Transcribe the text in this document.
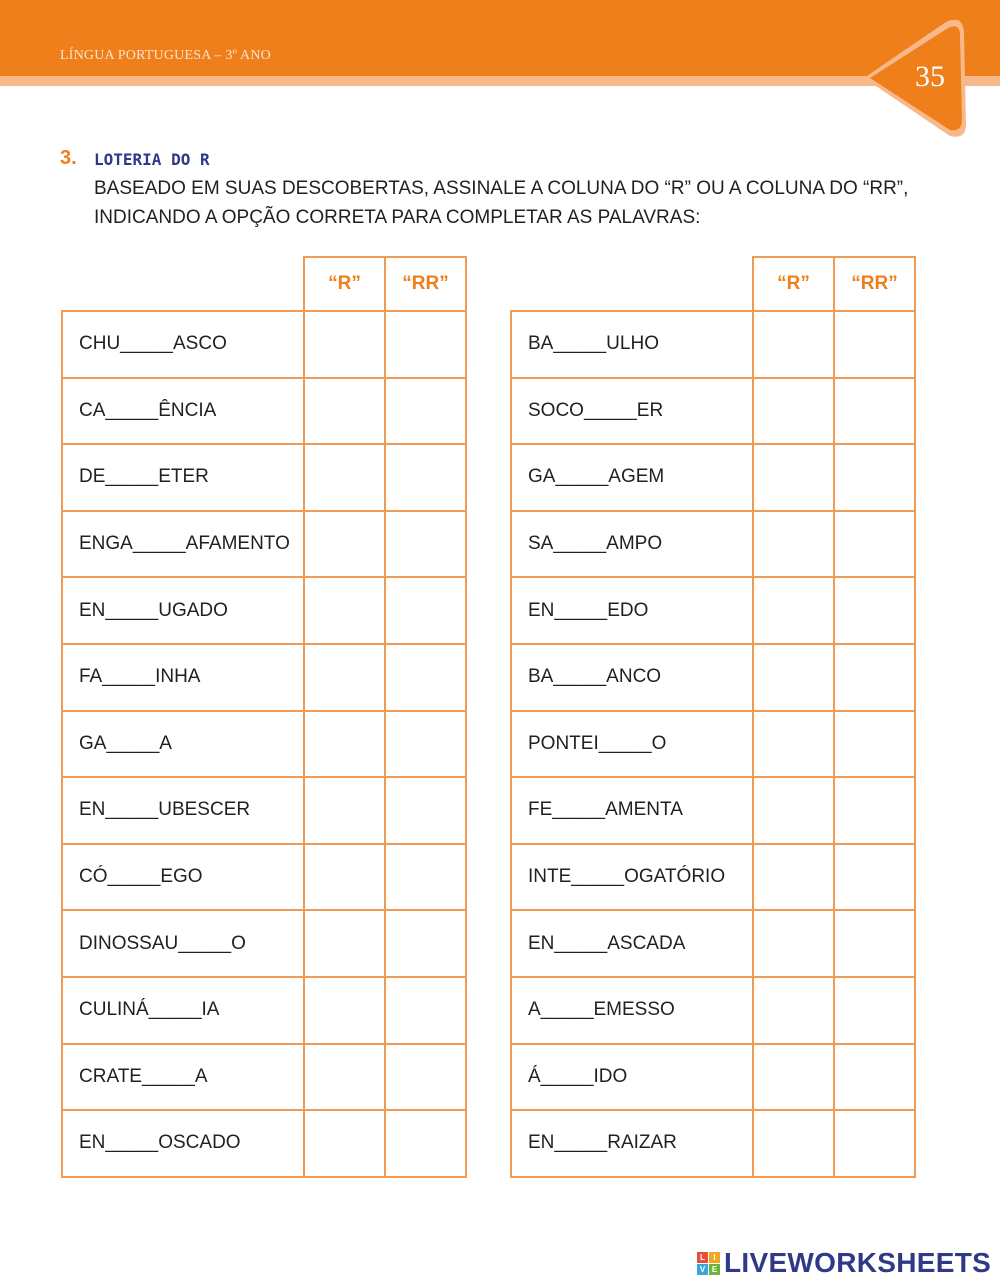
LÍNGUA PORTUGUESA – 3º ANO
35
3. LOTERIA DO R
BASEADO EM SUAS DESCOBERTAS, ASSINALE A COLUNA DO “R” OU A COLUNA DO “RR”, INDICANDO A OPÇÃO CORRETA PARA COMPLETAR AS PALAVRAS:
	“R”	“RR”
CHU_____ASCO		
CA_____ÊNCIA		
DE_____ETER		
ENGA_____AFAMENTO		
EN_____UGADO		
FA_____INHA		
GA_____A		
EN_____UBESCER		
CÓ_____EGO		
DINOSSAU_____O		
CULINÁ_____IA		
CRATE_____A		
EN_____OSCADO		
	“R”	“RR”
BA_____ULHO		
SOCO_____ER		
GA_____AGEM		
SA_____AMPO		
EN_____EDO		
BA_____ANCO		
PONTEI_____O		
FE_____AMENTA		
INTE_____OGATÓRIO		
EN_____ASCADA		
A_____EMESSO		
Á_____IDO		
EN_____RAIZAR		
L	I
V E LIVEWORKSHEETS
